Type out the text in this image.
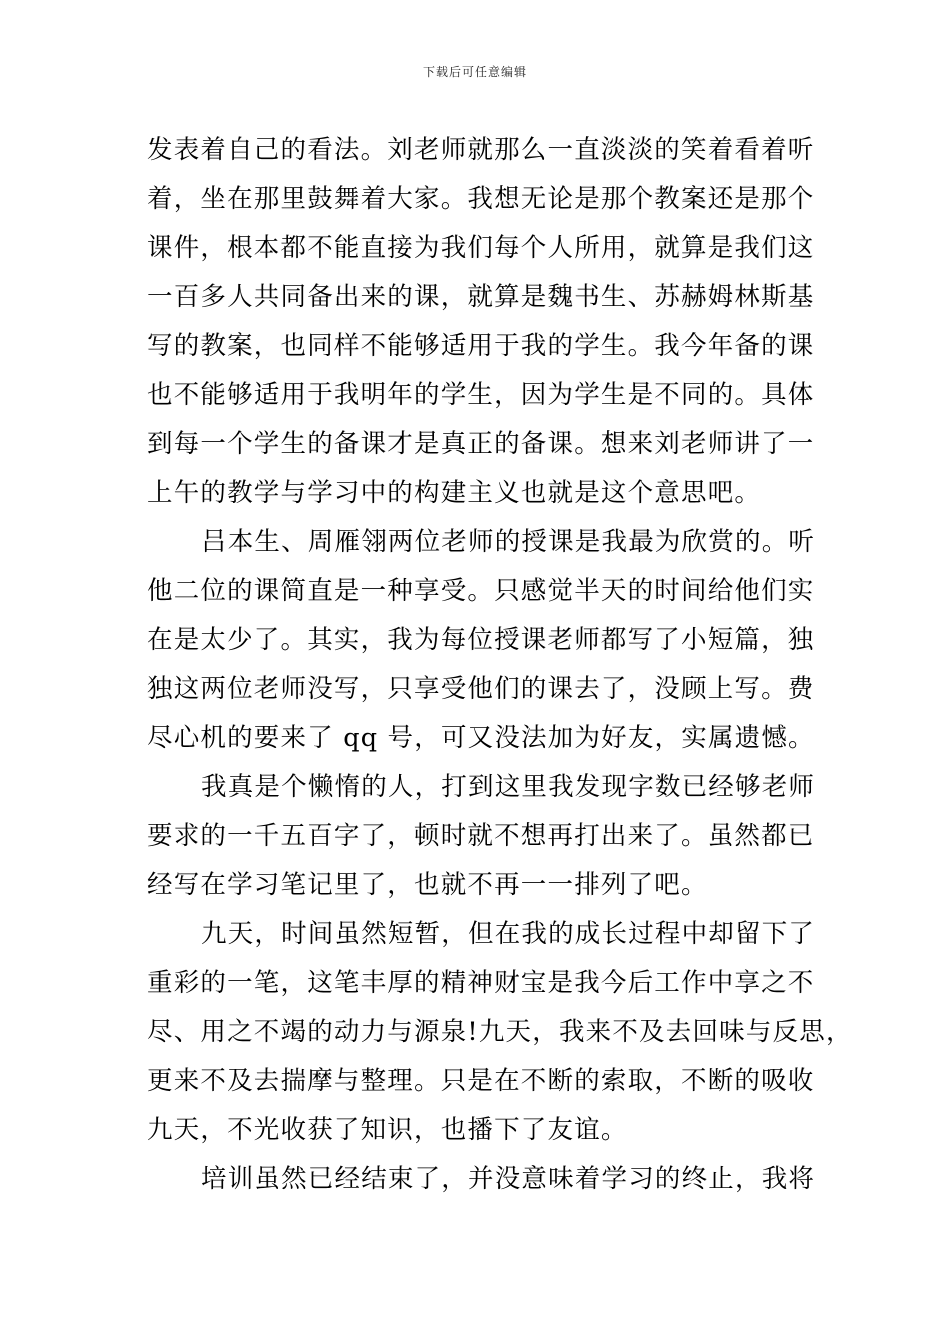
下载后可任意编辑
发表着自己的看法。刘老师就那么一直淡淡的笑着看着听
着，坐在那里鼓舞着大家。我想无论是那个教案还是那个
课件，根本都不能直接为我们每个人所用，就算是我们这
一百多人共同备出来的课，就算是魏书生、苏赫姆林斯基
写的教案，也同样不能够适用于我的学生。我今年备的课
也不能够适用于我明年的学生，因为学生是不同的。具体
到每一个学生的备课才是真正的备课。想来刘老师讲了一
上午的教学与学习中的构建主义也就是这个意思吧。
吕本生、周雁翎两位老师的授课是我最为欣赏的。听
他二位的课简直是一种享受。只感觉半天的时间给他们实
在是太少了。其实，我为每位授课老师都写了小短篇，独
独这两位老师没写，只享受他们的课去了，没顾上写。费
尽心机的要来了 qq 号，可又没法加为好友，实属遗憾。
我真是个懒惰的人，打到这里我发现字数已经够老师
要求的一千五百字了，顿时就不想再打出来了。虽然都已
经写在学习笔记里了，也就不再一一排列了吧。
九天，时间虽然短暂，但在我的成长过程中却留下了
重彩的一笔，这笔丰厚的精神财宝是我今后工作中享之不
尽、用之不竭的动力与源泉!九天，我来不及去回味与反思，
更来不及去揣摩与整理。只是在不断的索取，不断的吸收
九天，不光收获了知识，也播下了友谊。
培训虽然已经结束了，并没意味着学习的终止，我将
